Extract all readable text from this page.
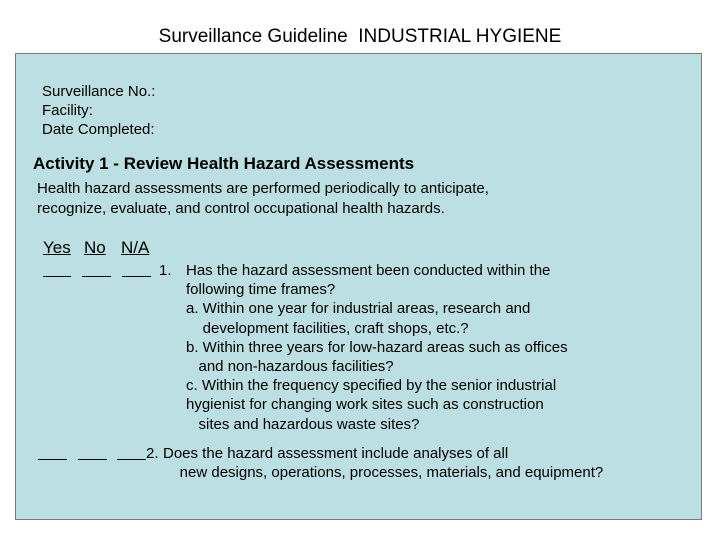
Surveillance Guideline  INDUSTRIAL HYGIENE
Surveillance No.:
Facility:
Date Completed:
Activity 1 - Review Health Hazard Assessments
Health hazard assessments are performed periodically to anticipate,
recognize, evaluate, and control occupational health hazards.
Yes No N/A
1. Has the hazard assessment been conducted within the
following time frames?
a. Within one year for industrial areas, research and
development facilities, craft shops, etc.?
b. Within three years for low-hazard areas such as offices
and non-hazardous facilities?
c. Within the frequency specified by the senior industrial
hygienist for changing work sites such as construction
sites and hazardous waste sites?
2. Does the hazard assessment include analyses of all
new designs, operations, processes, materials, and equipment?
